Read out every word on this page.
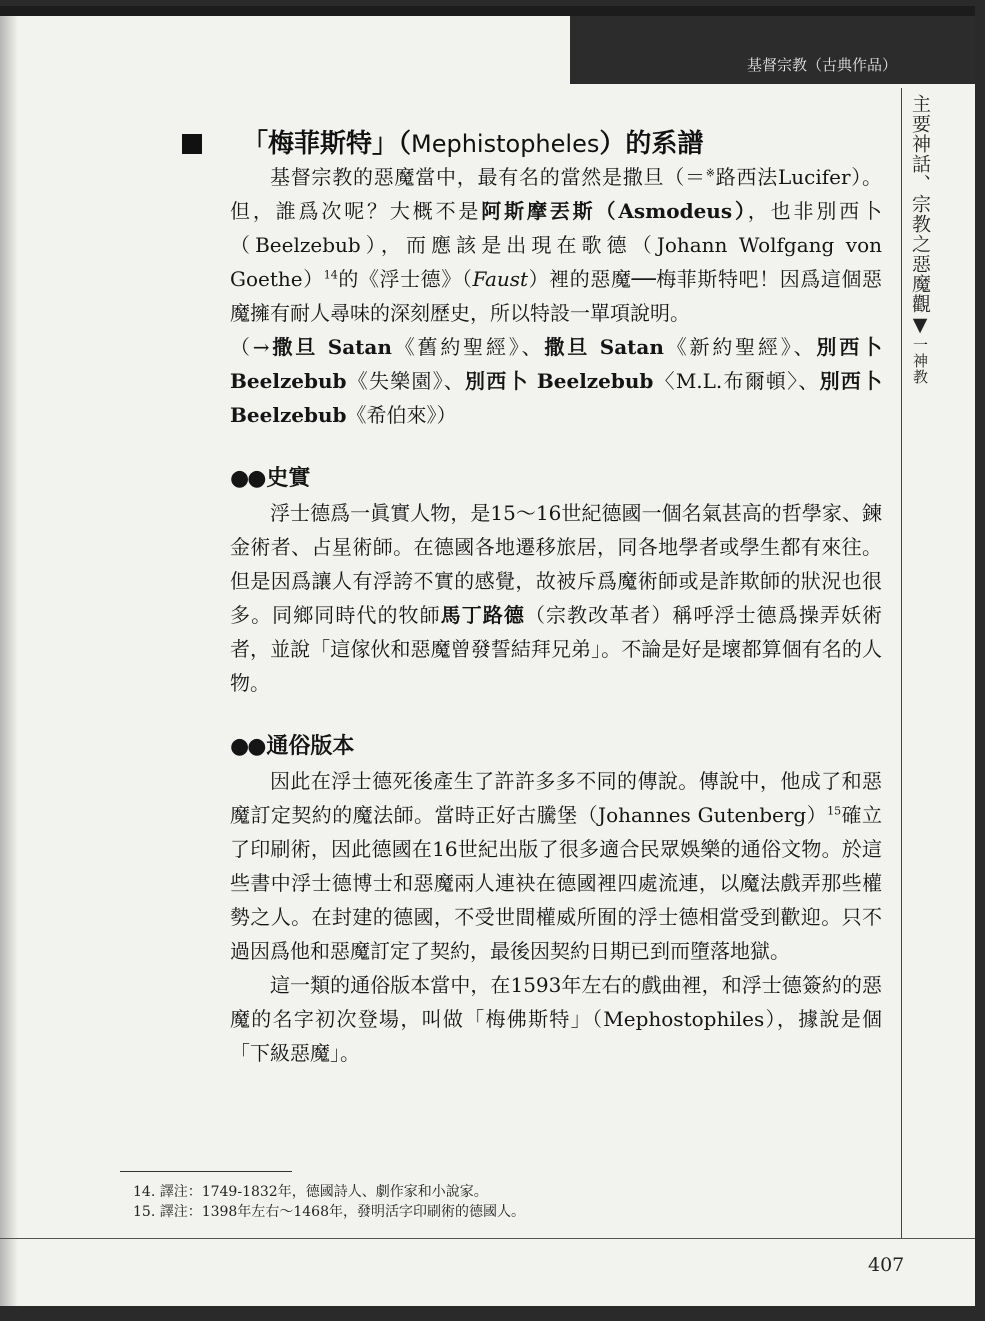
基督宗教（古典作品）
主要神話、宗教之惡魔觀▼一神教
「梅菲斯特」（Mephistopheles）的系譜

基督宗教的惡魔當中，最有名的當然是撒旦（＝※路西法Lucifer）。但，誰爲次呢？大概不是阿斯摩丟斯（Asmodeus），也非別西卜（Beelzebub），而應該是出現在歌德（Johann Wolfgang von Goethe）$^{14}$的《浮士德》（Faust）裡的惡魔──梅菲斯特吧！因爲這個惡魔擁有耐人尋味的深刻歷史，所以特設一單項說明。

（→撒旦 Satan《舊約聖經》、撒旦 Satan《新約聖經》、別西卜 Beelzebub《失樂園》、別西卜 Beelzebub〈M.L.布爾頓〉、別西卜 Beelzebub《希伯來》）

●●史實

浮士德爲一眞實人物，是15～16世紀德國一個名氣甚高的哲學家、鍊金術者、占星術師。在德國各地遷移旅居，同各地學者或學生都有來往。但是因爲讓人有浮誇不實的感覺，故被斥爲魔術師或是詐欺師的狀況也很多。同鄉同時代的牧師馬丁路德（宗教改革者）稱呼浮士德爲操弄妖術者，並說「這傢伙和惡魔曾發誓結拜兄弟」。不論是好是壞都算個有名的人物。

●●通俗版本

因此在浮士德死後產生了許許多多不同的傳說。傳說中，他成了和惡魔訂定契約的魔法師。當時正好古騰堡（Johannes Gutenberg）$^{15}$確立了印刷術，因此德國在16世紀出版了很多適合民眾娛樂的通俗文物。於這些書中浮士德博士和惡魔兩人連袂在德國裡四處流連，以魔法戲弄那些權勢之人。在封建的德國，不受世間權威所囿的浮士德相當受到歡迎。只不過因爲他和惡魔訂定了契約，最後因契約日期已到而墮落地獄。

這一類的通俗版本當中，在1593年左右的戲曲裡，和浮士德簽約的惡魔的名字初次登場，叫做「梅佛斯特」（Mephostophiles），據說是個「下級惡魔」。

14. 譯注：1749-1832年，德國詩人、劇作家和小說家。
15. 譯注：1398年左右～1468年，發明活字印刷術的德國人。
407
